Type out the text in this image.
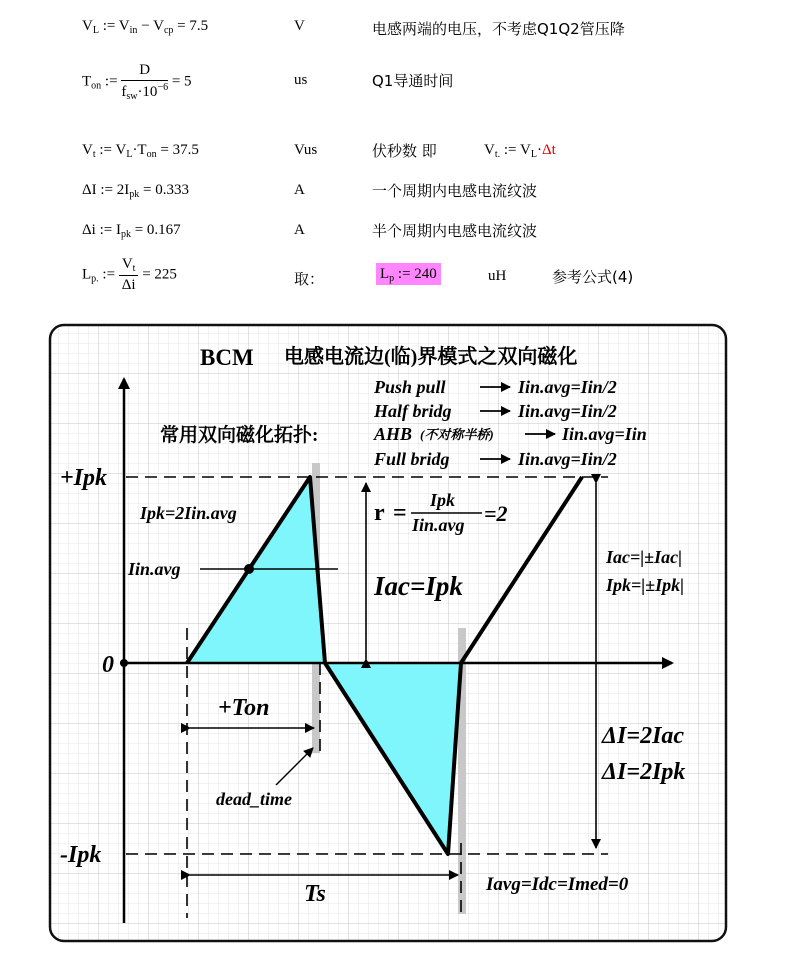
$V_L$ := $V_{in} - V_{cp} = 7.5$	V	电感两端的电压，不考虑Q1Q2管压降
$T_{on}$ := $\frac{D}{f_{sw}\cdot 10^{-6}} = 5$	us	Q1导通时间
$V_t$ := $V_L\cdot T_{on} = 37.5$	Vus	伏秒数 即	$V_{t.}$ := $V_L\cdot\Delta t$
ΔI := $2I_{pk} = 0.333$	A	一个周期内电感电流纹波
Δi := $I_{pk} = 0.167$	A	半个周期内电感电流纹波
$L_{p.}$ := $\frac{V_t}{\Delta i} = 225$	取：	$L_p$ := 240	uH	参考公式(4)
BCM 电感电流边(临)界模式之双向磁化
常用双向磁化拓扑:
Push pull	Iin.avg=Iin/2
Half bridg	Iin.avg=Iin/2
AHB (不对称半桥)	Iin.avg=Iin
Full bridg	Iin.avg=Iin/2
+Ipk
-Ipk
0
Ipk=2Iin.avg
Iin.avg
r = Ipk
Iin.avg =2
Iac=Ipk
Iac=|±Iac|
Ipk=|±Ipk|
+Ton
dead_time
Ts
ΔI=2Iac
ΔI=2Ipk
Iavg=Idc=Imed=0
